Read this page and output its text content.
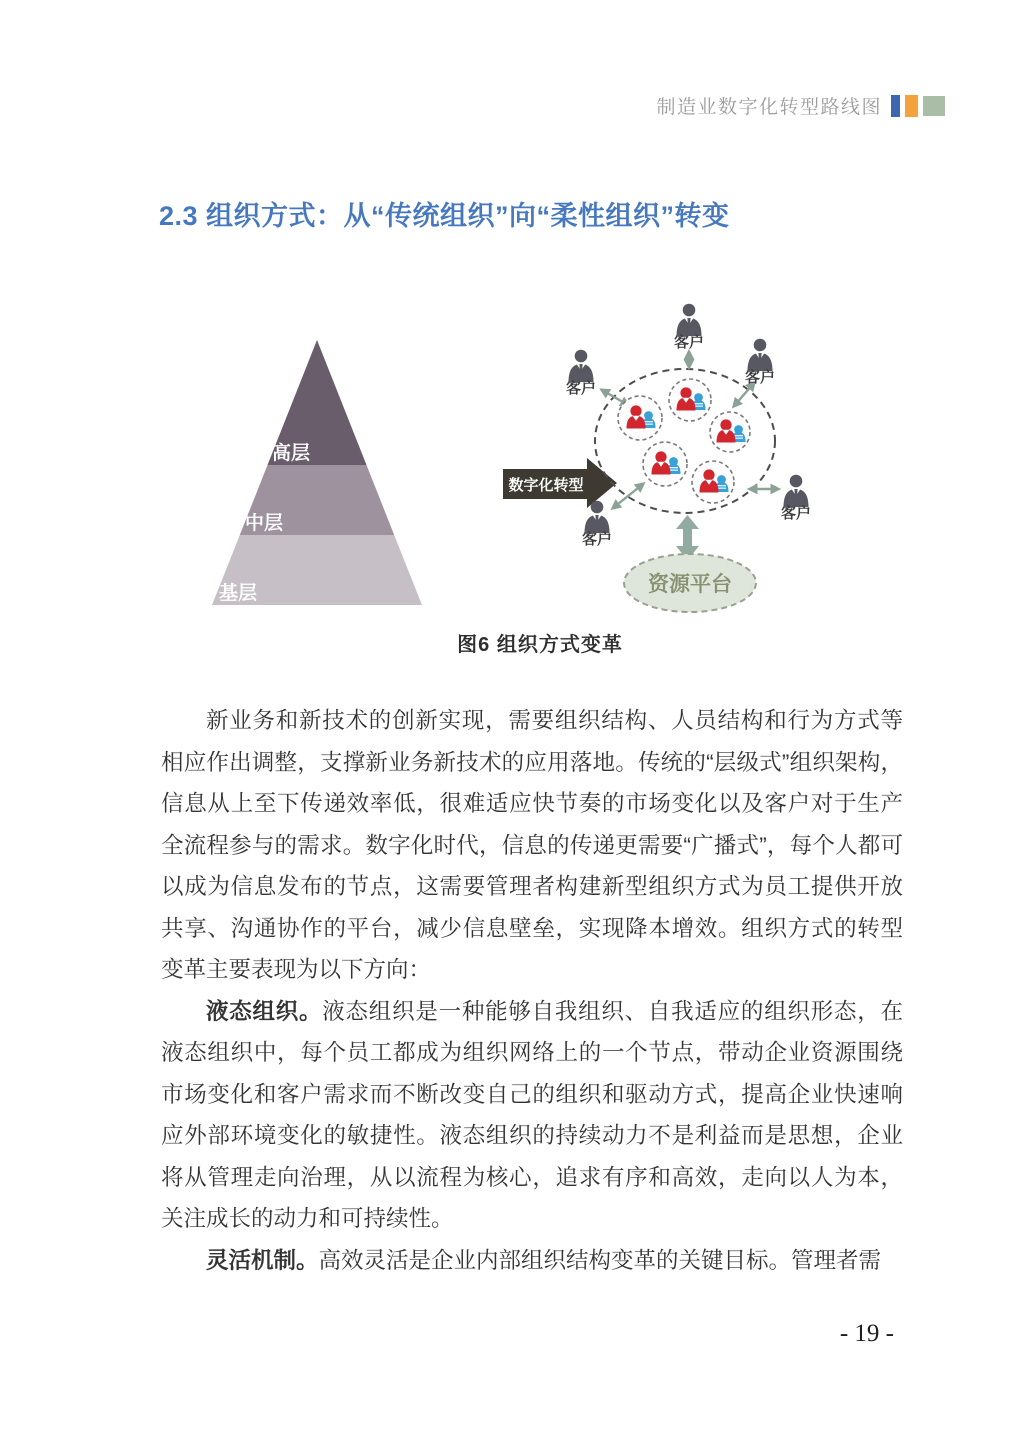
制造业数字化转型路线图
2.3 组织方式：从“传统组织”向“柔性组织”转变
高层
中层
基层
数字化转型
客户
客户
客户
客户
客户
资源平台
图6 组织方式变革

新业务和新技术的创新实现，需要组织结构、人员结构和行为方式等相应作出调整，支撑新业务新技术的应用落地。传统的“层级式”组织架构，信息从上至下传递效率低，很难适应快节奏的市场变化以及客户对于生产全流程参与的需求。数字化时代，信息的传递更需要“广播式”，每个人都可以成为信息发布的节点，这需要管理者构建新型组织方式为员工提供开放共享、沟通协作的平台，减少信息壁垒，实现降本增效。组织方式的转型变革主要表现为以下方向：

液态组织。液态组织是一种能够自我组织、自我适应的组织形态，在液态组织中，每个员工都成为组织网络上的一个节点，带动企业资源围绕市场变化和客户需求而不断改变自己的组织和驱动方式，提高企业快速响应外部环境变化的敏捷性。液态组织的持续动力不是利益而是思想，企业将从管理走向治理，从以流程为核心，追求有序和高效，走向以人为本，关注成长的动力和可持续性。

灵活机制。高效灵活是企业内部组织结构变革的关键目标。管理者需

- 19 -
